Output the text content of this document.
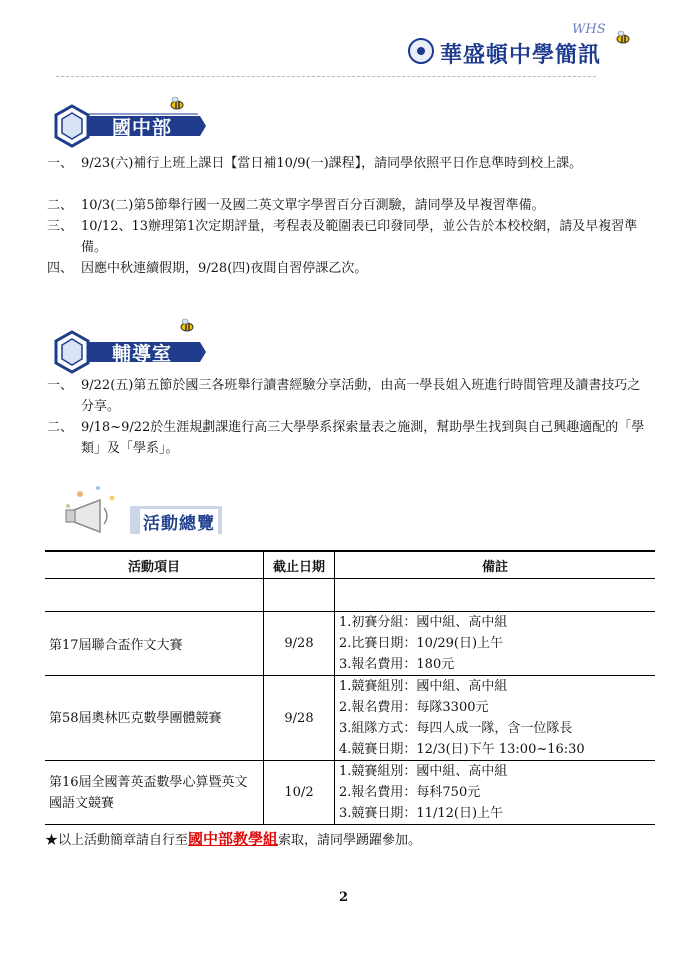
WHS
華盛頓中學簡訊
國中部
一、 9/23(六)補行上班上課日【當日補10/9(一)課程】，請同學依照平日作息準時到校上課。
二、 10/3(二)第5節舉行國一及國二英文單字學習百分百測驗，請同學及早複習準備。
三、 10/12、13辦理第1次定期評量，考程表及範圍表已印發同學，並公告於本校校網，請及早複習準備。
四、 因應中秋連續假期，9/28(四)夜間自習停課乙次。
輔導室
一、 9/22(五)第五節於國三各班舉行讀書經驗分享活動，由高一學長姐入班進行時間管理及讀書技巧之分享。
二、 9/18~9/22於生涯規劃課進行高三大學學系探索量表之施測，幫助學生找到與自己興趣適配的「學類」及「學系」。
活動總覽
活動項目	截止日期	備註

第17屆聯合盃作文大賽	9/28	1.初賽分組：國中組、高中組
2.比賽日期：10/29(日)上午
3.報名費用：180元

第58屆奧林匹克數學團體競賽	9/28	1.競賽組別：國中組、高中組
2.報名費用：每隊3300元
3.組隊方式：每四人成一隊，含一位隊長
4.競賽日期：12/3(日)下午 13:00~16:30

第16屆全國菁英盃數學心算暨英文國語文競賽	10/2	1.競賽組別：國中組、高中組
2.報名費用：每科750元
3.競賽日期：11/12(日)上午
★以上活動簡章請自行至國中部教學組索取，請同學踴躍參加。
2
